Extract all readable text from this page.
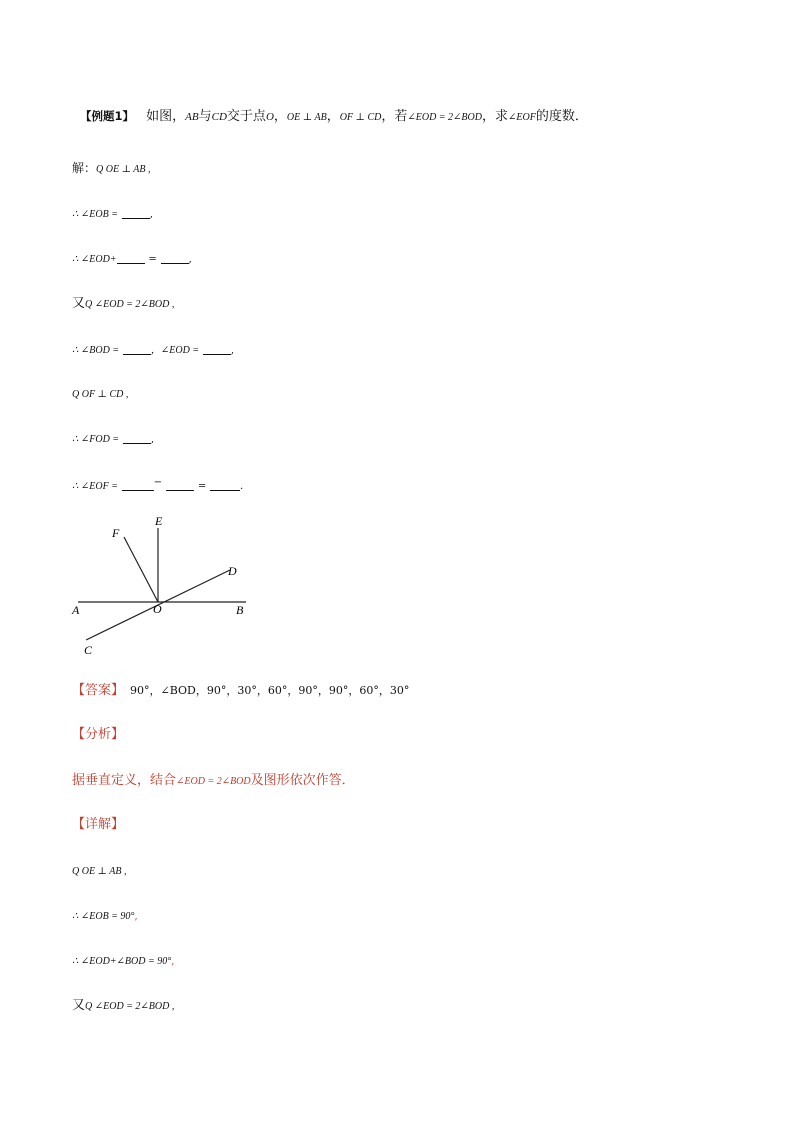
【例题1】 如图，AB与CD交于点O，OE ⊥ AB，OF ⊥ CD，若∠EOD = 2∠BOD，求∠EOF的度数．
解：Q OE ⊥ AB ,
∴ ∠EOB =	,
∴ ∠EOD+	=	,
又Q ∠EOD = 2∠BOD ,
∴ ∠BOD =	，∠EOD =	,
Q OF ⊥ CD ,
∴ ∠FOD =	,
∴ ∠EOF =	−	=	.
F
E
D
A	O	B
C
【答案】 90°，∠BOD，90°，30°，60°，90°，90°，60°，30°
【分析】
据垂直定义，结合∠EOD = 2∠BOD及图形依次作答．
【详解】
Q OE ⊥ AB ,
∴ ∠EOB = 90°,
∴ ∠EOD+∠BOD = 90°,
又Q ∠EOD = 2∠BOD ,
